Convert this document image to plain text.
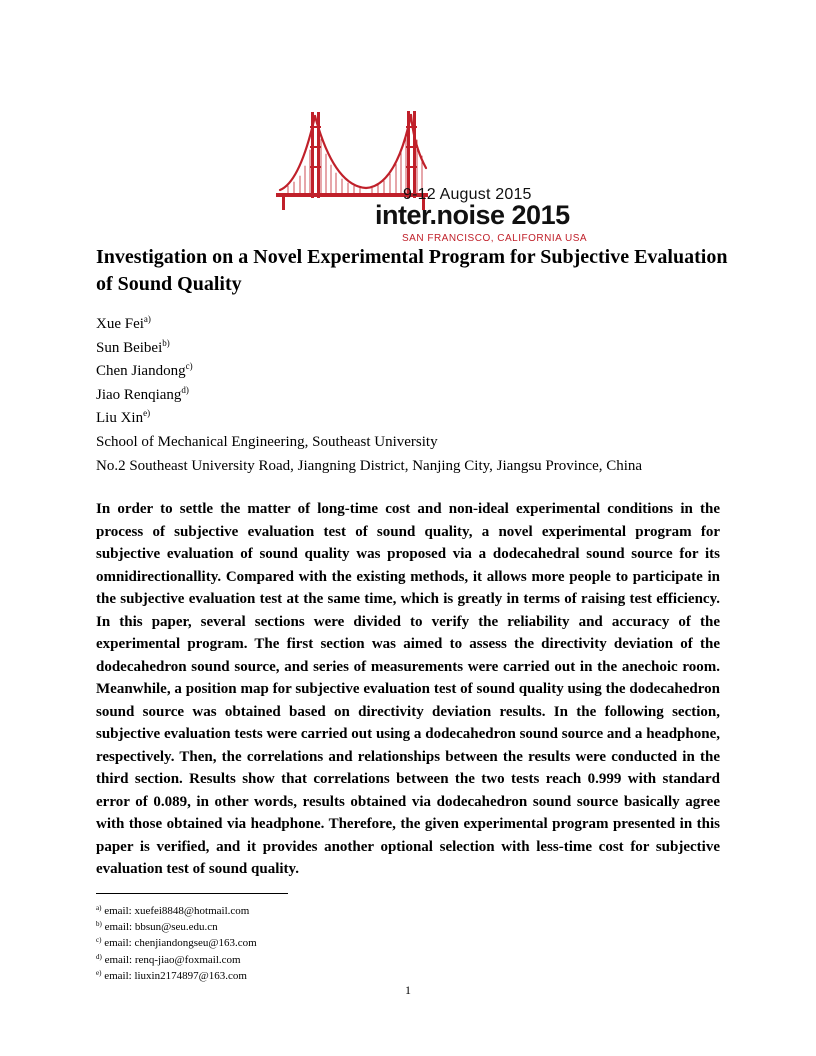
9-12 August 2015
inter.noise 2015
SAN FRANCISCO, CALIFORNIA USA
Investigation on a Novel Experimental Program for Subjective Evaluation of Sound Quality
Xue Fei$^{a)}$
Sun Beibei$^{b)}$
Chen Jiandong$^{c)}$
Jiao Renqiang$^{d)}$
Liu Xin$^{e)}$
School of Mechanical Engineering, Southeast University
No.2 Southeast University Road, Jiangning District, Nanjing City, Jiangsu Province, China

In order to settle the matter of long-time cost and non-ideal experimental conditions in the process of subjective evaluation test of sound quality, a novel experimental program for subjective evaluation of sound quality was proposed via a dodecahedral sound source for its omnidirectionallity. Compared with the existing methods, it allows more people to participate in the subjective evaluation test at the same time, which is greatly in terms of raising test efficiency. In this paper, several sections were divided to verify the reliability and accuracy of the experimental program. The first section was aimed to assess the directivity deviation of the dodecahedron sound source, and series of measurements were carried out in the anechoic room. Meanwhile, a position map for subjective evaluation test of sound quality using the dodecahedron sound source was obtained based on directivity deviation results. In the following section, subjective evaluation tests were carried out using a dodecahedron sound source and a headphone, respectively. Then, the correlations and relationships between the results were conducted in the third section. Results show that correlations between the two tests reach 0.999 with standard error of 0.089, in other words, results obtained via dodecahedron sound source basically agree with those obtained via headphone. Therefore, the given experimental program presented in this paper is verified, and it provides another optional selection with less-time cost for subjective evaluation test of sound quality.

$^{a)}$ email: xuefei8848@hotmail.com
$^{b)}$ email: bbsun@seu.edu.cn
$^{c)}$ email: chenjiandongseu@163.com
$^{d)}$ email: renq-jiao@foxmail.com
$^{e)}$ email: liuxin2174897@163.com
1
